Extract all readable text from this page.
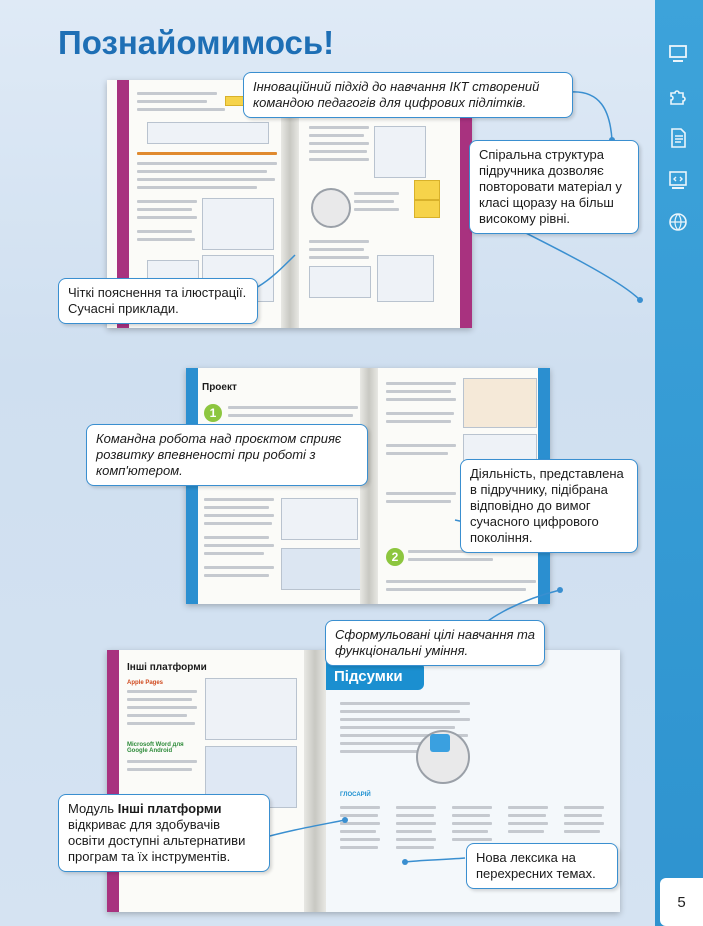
Познайомимось!
Проект
1
2
Інші платформи
Apple Pages
Microsoft Word для Google Android
Підсумки
ГЛОСАРІЙ
Інноваційний підхід до навчання ІКТ створений командою педагогів для цифрових підлітків.
Спіральна структура підручника дозволяє повторовати матеріал у класі щоразу на більш високому рівні.
Чіткі пояснення та ілюстрації. Сучасні приклади.
Командна робота над проєктом сприяє розвитку впевненості при роботі з комп'ютером.	Діяльність, представлена в підручнику, підібрана відповідно до вимог сучасного цифрового покоління.
Сформульовані цілі навчання та функціональні уміння.
Модуль Інші платформи відкриває для здобувачів освіти доступні альтернативи програм та їх інструментів.	Нова лексика на перехресних темах.
5
